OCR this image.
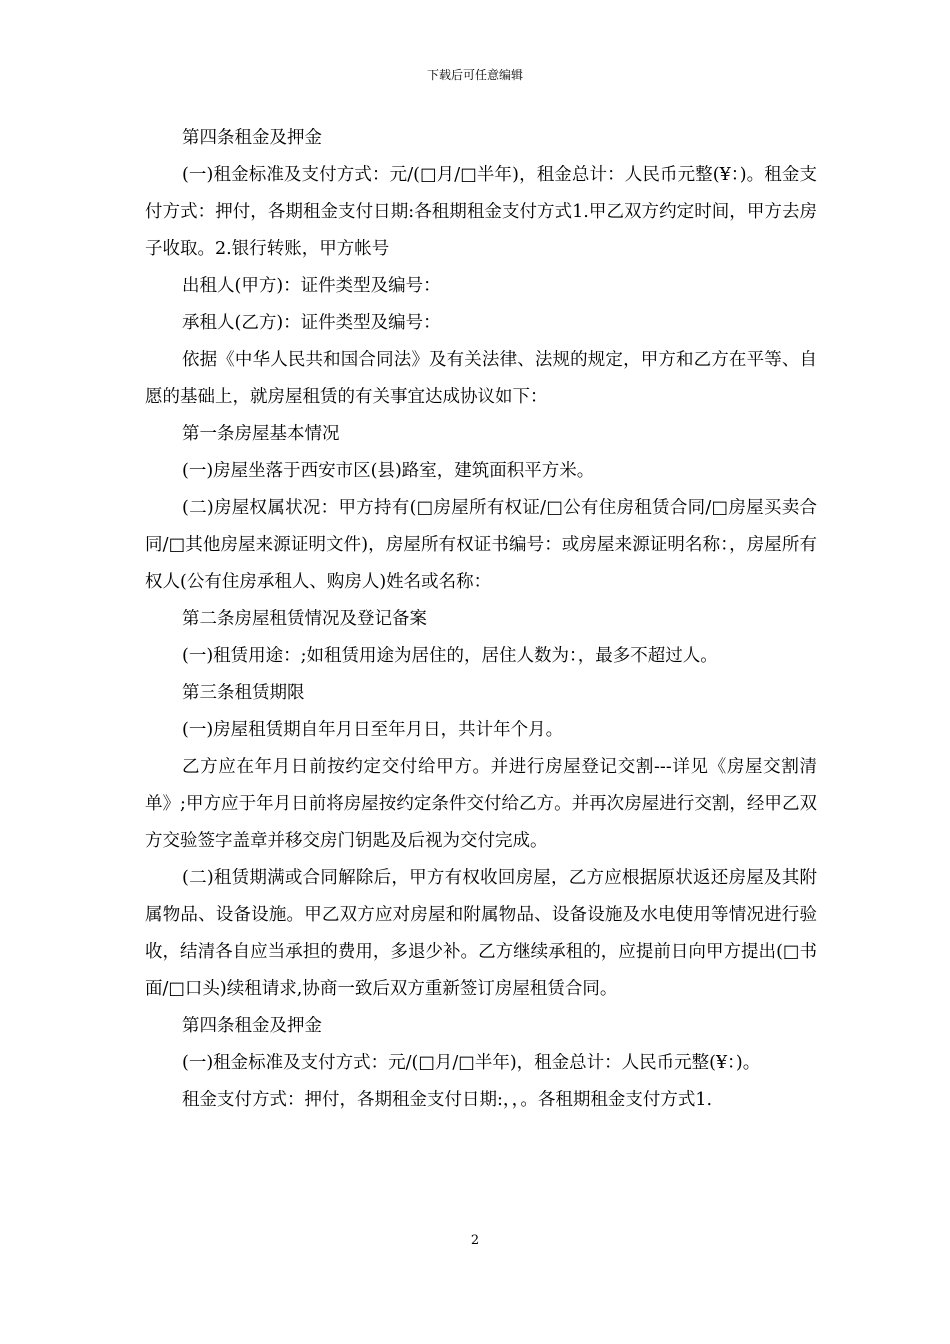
下载后可任意编辑

第四条租金及押金

(一)租金标准及支付方式：元/(□月/□半年)，租金总计：人民币元整(¥：)。租金支付方式：押付，各期租金支付日期:各租期租金支付方式1.甲乙双方约定时间，甲方去房子收取。2.银行转账，甲方帐号

出租人(甲方)：证件类型及编号：

承租人(乙方)：证件类型及编号：

依据《中华人民共和国合同法》及有关法律、法规的规定，甲方和乙方在平等、自愿的基础上，就房屋租赁的有关事宜达成协议如下：

第一条房屋基本情况

(一)房屋坐落于西安市区(县)路室，建筑面积平方米。

(二)房屋权属状况：甲方持有(□房屋所有权证/□公有住房租赁合同/□房屋买卖合同/□其他房屋来源证明文件)，房屋所有权证书编号：或房屋来源证明名称：，房屋所有权人(公有住房承租人、购房人)姓名或名称：

第二条房屋租赁情况及登记备案

(一)租赁用途：;如租赁用途为居住的，居住人数为：，最多不超过人。

第三条租赁期限

(一)房屋租赁期自年月日至年月日，共计年个月。

乙方应在年月日前按约定交付给甲方。并进行房屋登记交割---详见《房屋交割清单》;甲方应于年月日前将房屋按约定条件交付给乙方。并再次房屋进行交割，经甲乙双方交验签字盖章并移交房门钥匙及后视为交付完成。

(二)租赁期满或合同解除后，甲方有权收回房屋，乙方应根据原状返还房屋及其附属物品、设备设施。甲乙双方应对房屋和附属物品、设备设施及水电使用等情况进行验收，结清各自应当承担的费用，多退少补。乙方继续承租的，应提前日向甲方提出(□书面/□口头)续租请求,协商一致后双方重新签订房屋租赁合同。

第四条租金及押金

(一)租金标准及支付方式：元/(□月/□半年)，租金总计：人民币元整(¥：)。

租金支付方式：押付，各期租金支付日期:，，。各租期租金支付方式1.

2
